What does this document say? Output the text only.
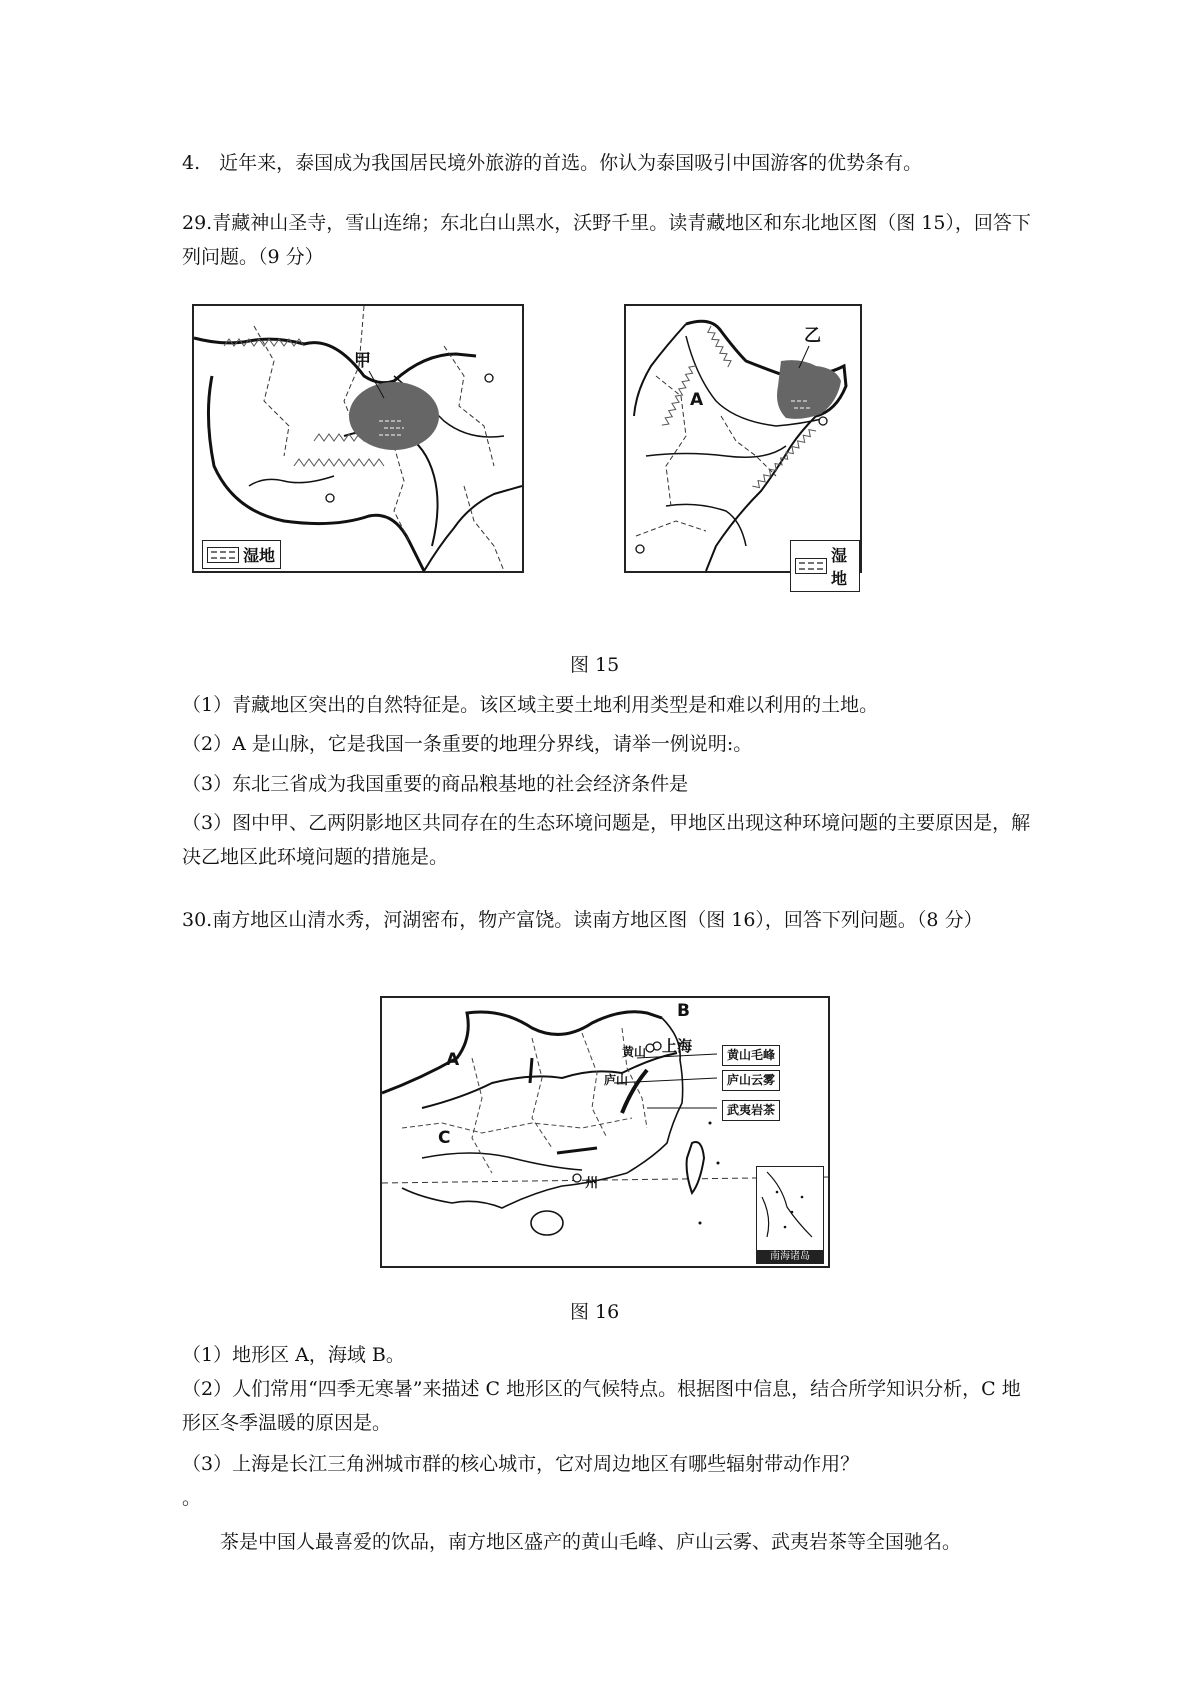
4.　近年来，泰国成为我国居民境外旅游的首选。你认为泰国吸引中国游客的优势条有。
29.青藏神山圣寺，雪山连绵；东北白山黑水，沃野千里。读青藏地区和东北地区图（图 15），回答下列问题。（9 分）
甲
湿地
乙
A
湿地
图 15
（1）青藏地区突出的自然特征是。该区域主要土地利用类型是和难以利用的土地。
（2）A 是山脉，它是我国一条重要的地理分界线，请举一例说明:。
（3）东北三省成为我国重要的商品粮基地的社会经济条件是
（3）图中甲、乙两阴影地区共同存在的生态环境问题是，甲地区出现这种环境问题的主要原因是，解决乙地区此环境问题的措施是。
30.南方地区山清水秀，河湖密布，物产富饶。读南方地区图（图 16），回答下列问题。（8 分）
A
B
C
上海
黄山
庐山
州
黄山毛峰
庐山云雾
武夷岩茶
南海诸岛
图 16
（1）地形区 A，海域 B。
（2）人们常用“四季无寒暑”来描述 C 地形区的气候特点。根据图中信息，结合所学知识分析，C 地形区冬季温暖的原因是。
（3）上海是长江三角洲城市群的核心城市，它对周边地区有哪些辐射带动作用？
。
茶是中国人最喜爱的饮品，南方地区盛产的黄山毛峰、庐山云雾、武夷岩茶等全国驰名。
